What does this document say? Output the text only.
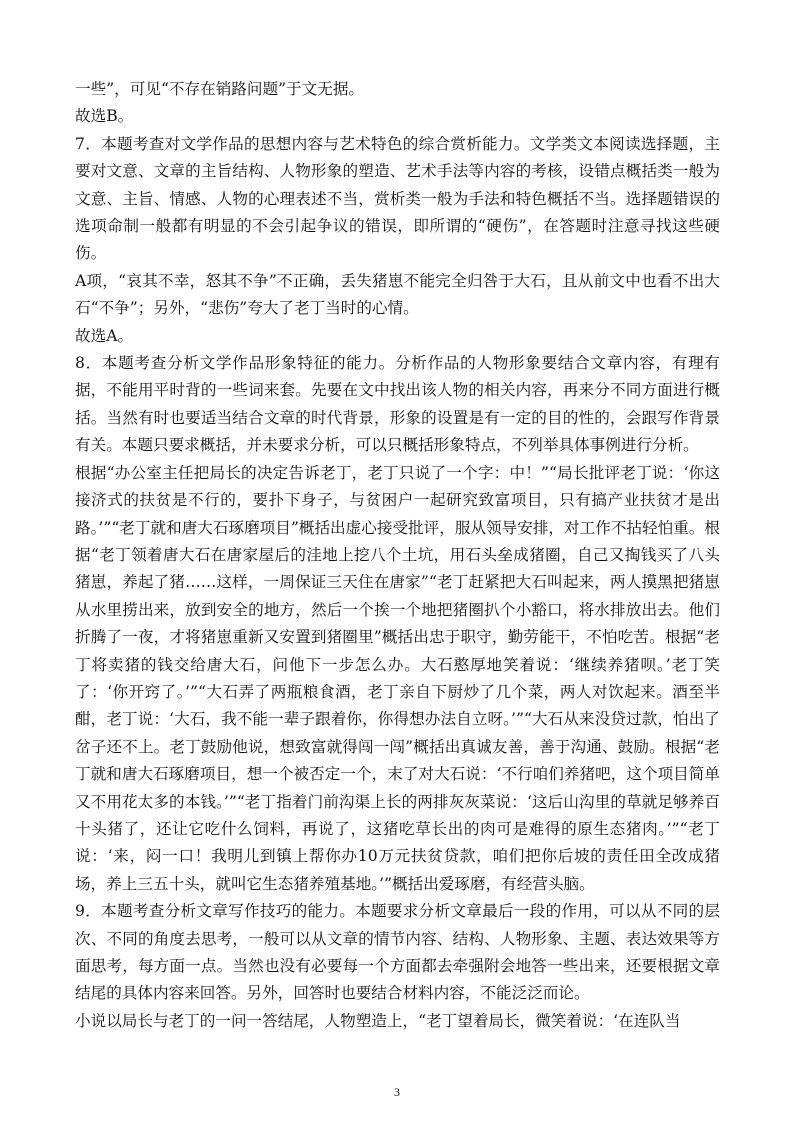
一些”，可见“不存在销路问题”于文无据。

故选B。

7．本题考查对文学作品的思想内容与艺术特色的综合赏析能力。文学类文本阅读选择题，主要对文意、文章的主旨结构、人物形象的塑造、艺术手法等内容的考核，设错点概括类一般为文意、主旨、情感、人物的心理表述不当，赏析类一般为手法和特色概括不当。选择题错误的选项命制一般都有明显的不会引起争议的错误，即所谓的“硬伤”，在答题时注意寻找这些硬伤。

A项，“哀其不幸，怒其不争”不正确，丢失猪崽不能完全归咎于大石，且从前文中也看不出大石“不争”；另外，“悲伤”夸大了老丁当时的心情。

故选A。

8．本题考查分析文学作品形象特征的能力。分析作品的人物形象要结合文章内容，有理有据，不能用平时背的一些词来套。先要在文中找出该人物的相关内容，再来分不同方面进行概括。当然有时也要适当结合文章的时代背景，形象的设置是有一定的目的性的，会跟写作背景有关。本题只要求概括，并未要求分析，可以只概括形象特点，不列举具体事例进行分析。

根据“办公室主任把局长的决定告诉老丁，老丁只说了一个字：中！”“局长批评老丁说：‘你这接济式的扶贫是不行的，要扑下身子，与贫困户一起研究致富项目，只有搞产业扶贫才是出路。’”“老丁就和唐大石琢磨项目”概括出虚心接受批评，服从领导安排，对工作不拈轻怕重。根据“老丁领着唐大石在唐家屋后的洼地上挖八个土坑，用石头垒成猪圈，自己又掏钱买了八头猪崽，养起了猪……这样，一周保证三天住在唐家”“老丁赶紧把大石叫起来，两人摸黑把猪崽从水里捞出来，放到安全的地方，然后一个挨一个地把猪圈扒个小豁口，将水排放出去。他们折腾了一夜，才将猪崽重新又安置到猪圈里”概括出忠于职守，勤劳能干，不怕吃苦。根据“老丁将卖猪的钱交给唐大石，问他下一步怎么办。大石憨厚地笑着说：‘继续养猪呗。’老丁笑了：‘你开窍了。’”“大石弄了两瓶粮食酒，老丁亲自下厨炒了几个菜，两人对饮起来。酒至半酣，老丁说：‘大石，我不能一辈子跟着你，你得想办法自立呀。’”“大石从来没贷过款，怕出了岔子还不上。老丁鼓励他说，想致富就得闯一闯”概括出真诚友善，善于沟通、鼓励。根据“老丁就和唐大石琢磨项目，想一个被否定一个，末了对大石说：‘不行咱们养猪吧，这个项目简单又不用花太多的本钱。’”“老丁指着门前沟渠上长的两排灰灰菜说：‘这后山沟里的草就足够养百十头猪了，还让它吃什么饲料，再说了，这猪吃草长出的肉可是难得的原生态猪肉。’”“老丁说：‘来，闷一口！我明儿到镇上帮你办10万元扶贫贷款，咱们把你后坡的责任田全改成猪场，养上三五十头，就叫它生态猪养殖基地。’”概括出爱琢磨，有经营头脑。

9．本题考查分析文章写作技巧的能力。本题要求分析文章最后一段的作用，可以从不同的层次、不同的角度去思考，一般可以从文章的情节内容、结构、人物形象、主题、表达效果等方面思考，每方面一点。当然也没有必要每一个方面都去牵强附会地答一些出来，还要根据文章结尾的具体内容来回答。另外，回答时也要结合材料内容，不能泛泛而论。

小说以局长与老丁的一问一答结尾，人物塑造上，“老丁望着局长，微笑着说：‘在连队当

3
